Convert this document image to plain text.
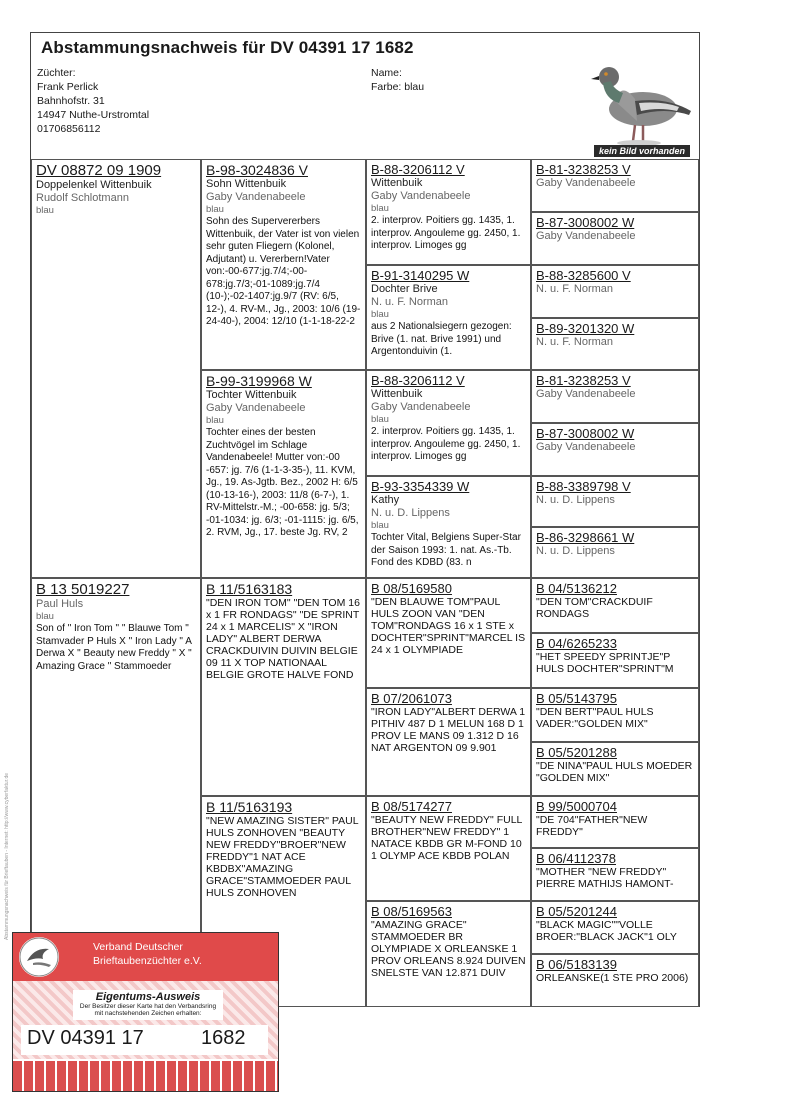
Abstammungsnachweis für DV 04391 17 1682
Züchter:
Frank Perlick
Bahnhofstr. 31
14947 Nuthe-Urstromtal
01706856112
Name:
Farbe: blau
kein Bild vorhanden
DV 08872 09 1909
Doppelenkel Wittenbuik
Rudolf Schlotmann
blau
B 13 5019227
Paul Huls
blau
Son of " Iron Tom " " Blauwe Tom " Stamvader P Huls X " Iron Lady " A Derwa X " Beauty new Freddy " X " Amazing Grace " Stammoeder
B-98-3024836 V
Sohn Wittenbuik
Gaby Vandenabeele
blau
Sohn des Supervererbers Wittenbuik, der Vater ist von vielen sehr guten Fliegern (Kolonel, Adjutant) u. Vererbern!Vater von:-00-677:jg.7/4;-00-678:jg.7/3;-01-1089:jg.7/4 (10-);-02-1407:jg.9/7 (RV: 6/5, 12-), 4. RV-M., Jg., 2003: 10/6 (19-24-40-), 2004: 12/10 (1-1-18-22-2
B-99-3199968 W
Tochter Wittenbuik
Gaby Vandenabeele
blau
Tochter eines der besten Zuchtvögel im Schlage Vandenabeele! Mutter von:-00 -657: jg. 7/6 (1-1-3-35-), 11. KVM, Jg., 19. As-Jgtb. Bez., 2002 H: 6/5 (10-13-16-), 2003: 11/8 (6-7-), 1. RV-Mittelstr.-M.; -00-658: jg. 5/3; -01-1034: jg. 6/3; -01-1115: jg. 6/5, 2. RVM, Jg., 17. beste Jg. RV, 2
B 11/5163183
"DEN IRON TOM" "DEN TOM 16 x 1 FR RONDAGS" "DE SPRINT 24 x 1 MARCELIS" X "IRON LADY" ALBERT DERWA CRACKDUIVIN DUIVIN BELGIE 09 11 X TOP NATIONAAL BELGIE GROTE HALVE FOND
B 11/5163193
"NEW AMAZING SISTER" PAUL HULS ZONHOVEN "BEAUTY NEW FREDDY"BROER"NEW FREDDY"1 NAT ACE KBDBX"AMAZING GRACE"STAMMOEDER PAUL HULS ZONHOVEN
B-88-3206112 V
Wittenbuik
Gaby Vandenabeele
blau
2. interprov. Poitiers gg. 1435, 1. interprov. Angouleme gg. 2450, 1. interprov. Limoges gg
B-91-3140295 W
Dochter Brive
N. u. F. Norman
blau
aus 2 Nationalsiegern gezogen: Brive (1. nat. Brive 1991) und Argentonduivin (1.
B-88-3206112 V
Wittenbuik
Gaby Vandenabeele
blau
2. interprov. Poitiers gg. 1435, 1. interprov. Angouleme gg. 2450, 1. interprov. Limoges gg
B-93-3354339 W
Kathy
N. u. D. Lippens
blau
Tochter Vital, Belgiens Super-Star der Saison 1993: 1. nat. As.-Tb. Fond des KDBD (83. n
B 08/5169580
"DEN BLAUWE TOM"PAUL HULS ZOON VAN "DEN TOM"RONDAGS 16 x 1 STE x DOCHTER"SPRINT"MARCEL IS 24 x 1 OLYMPIADE
B 07/2061073
"IRON LADY"ALBERT DERWA 1 PITHIV 487 D 1 MELUN 168 D 1 PROV LE MANS 09 1.312 D 16 NAT ARGENTON 09 9.901
B 08/5174277
"BEAUTY NEW FREDDY" FULL BROTHER"NEW FREDDY" 1 NATACE KBDB GR M-FOND 10 1 OLYMP ACE KBDB POLAN
B 08/5169563
"AMAZING GRACE" STAMMOEDER BR OLYMPIADE X ORLEANSKE 1 PROV ORLEANS 8.924 DUIVEN SNELSTE VAN 12.871 DUIV
B-81-3238253 V
Gaby Vandenabeele
B-87-3008002 W
Gaby Vandenabeele
B-88-3285600 V
N. u. F. Norman
B-89-3201320 W
N. u. F. Norman
B-81-3238253 V
Gaby Vandenabeele
B-87-3008002 W
Gaby Vandenabeele
B-88-3389798 V
N. u. D. Lippens
B-86-3298661 W
N. u. D. Lippens
B 04/5136212
"DEN TOM"CRACKDUIF RONDAGS
B 04/6265233
"HET SPEEDY SPRINTJE"P HULS DOCHTER"SPRINT"M
B 05/5143795
"DEN BERT"PAUL HULS VADER:"GOLDEN MIX"
B 05/5201288
"DE NINA"PAUL HULS MOEDER "GOLDEN MIX"
B 99/5000704
"DE 704"FATHER"NEW FREDDY"
B 06/4112378
"MOTHER "NEW FREDDY" PIERRE MATHIJS HAMONT-
B 05/5201244
"BLACK MAGIC""VOLLE BROER:"BLACK JACK"1 OLY
B 06/5183139
ORLEANSKE(1 STE PRO 2006)
Abstammungsnachweis für Brieftauben - Internet: http://www.cyberfaktur.de
Verband Deutscher
Brieftaubenzüchter e.V.
Eigentums-Ausweis
Der Besitzer dieser Karte hat den Verbandsring
mit nachstehenden Zeichen erhalten:
DV 04391 17	1682
